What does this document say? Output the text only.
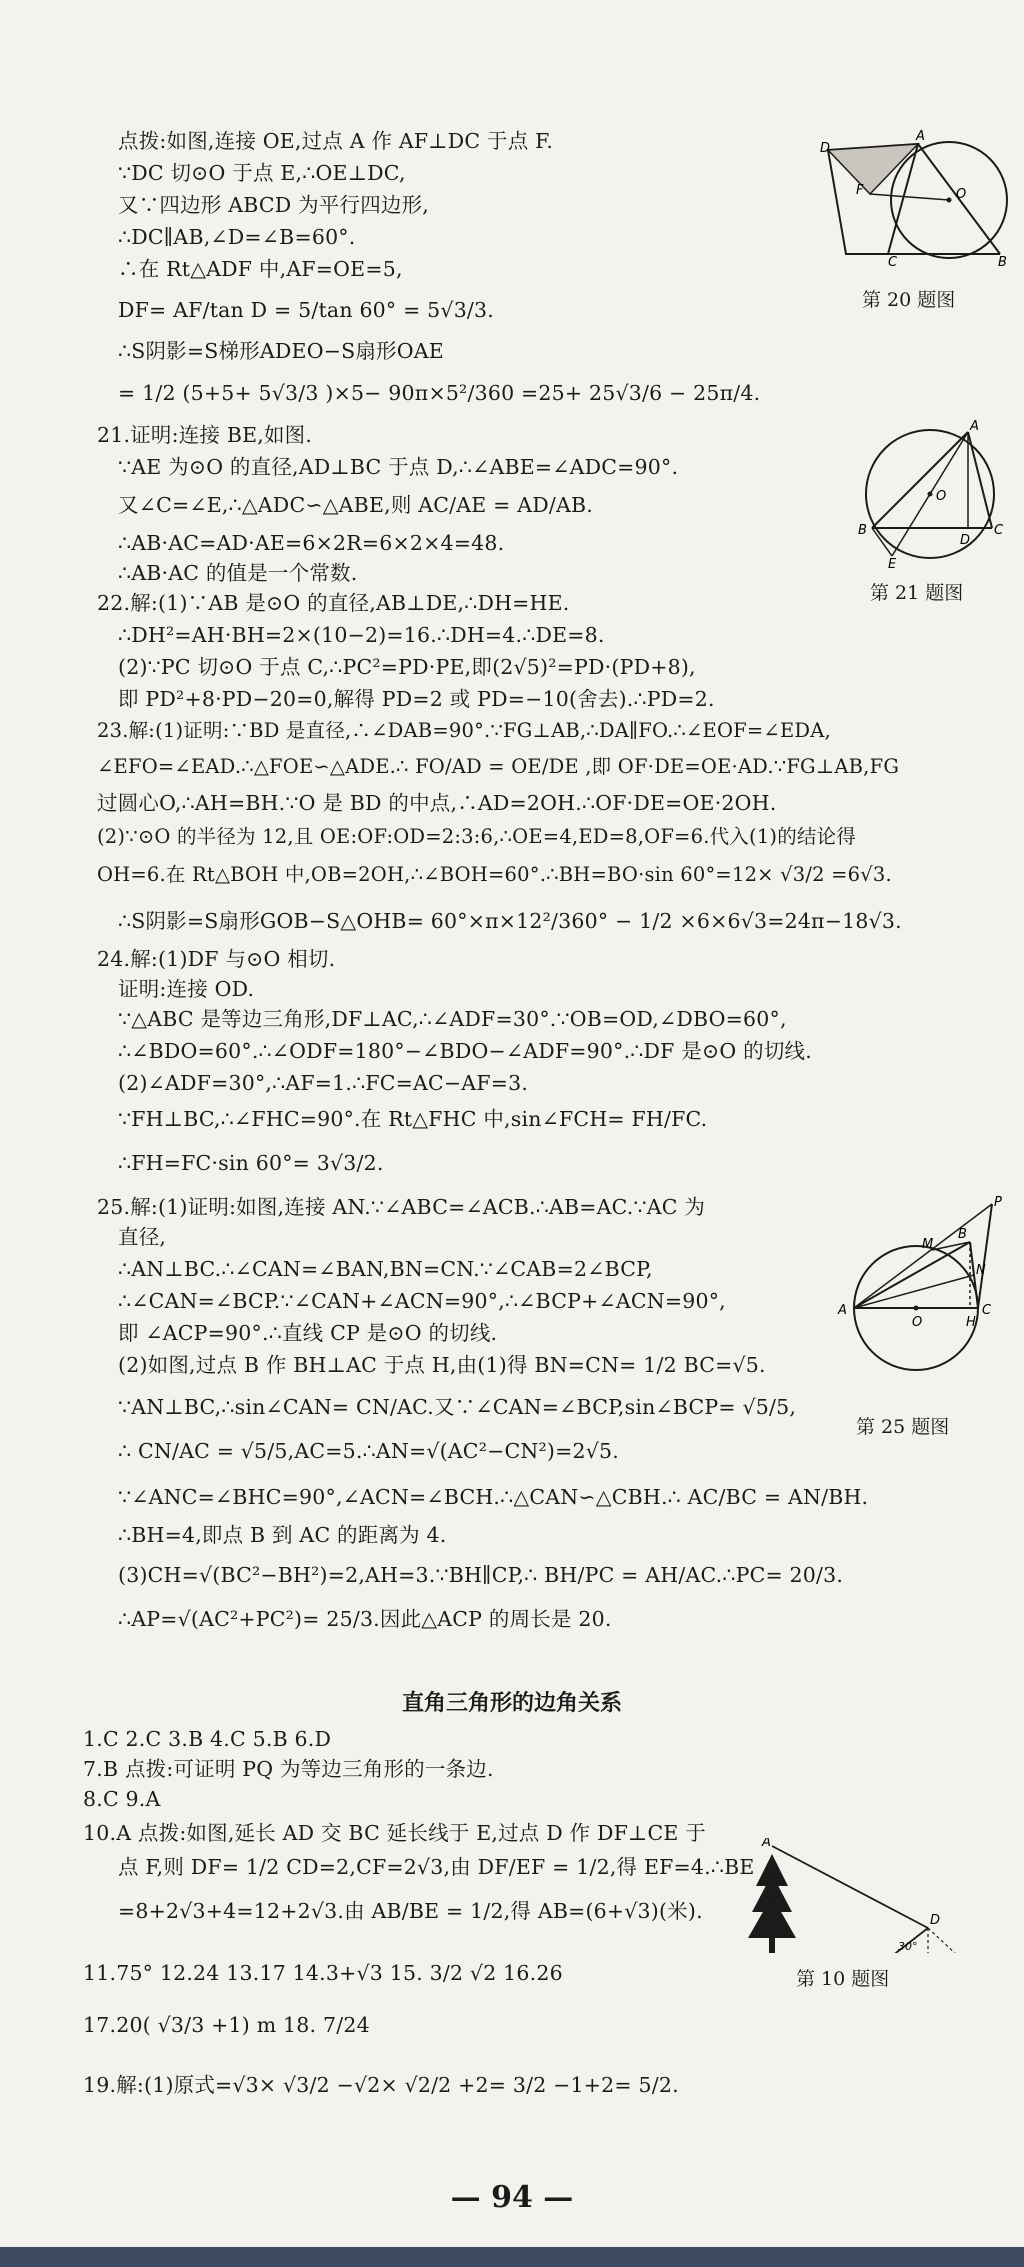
点拨:如图,连接 OE,过点 A 作 AF⊥DC 于点 F.
∵DC 切⊙O 于点 E,∴OE⊥DC,
又∵四边形 ABCD 为平行四边形,
∴DC∥AB,∠D=∠B=60°.
∴在 Rt△ADF 中,AF=OE=5,
DF= AF/tan D = 5/tan 60° = 5√3/3.
∴S阴影=S梯形ADEO−S扇形OAE
= 1/2 (5+5+ 5√3/3 )×5− 90π×5²/360 =25+ 25√3/6 − 25π/4.
21.证明:连接 BE,如图.
∵AE 为⊙O 的直径,AD⊥BC 于点 D,∴∠ABE=∠ADC=90°.
又∠C=∠E,∴△ADC∽△ABE,则 AC/AE = AD/AB.
∴AB·AC=AD·AE=6×2R=6×2×4=48.
∴AB·AC 的值是一个常数.
22.解:(1)∵AB 是⊙O 的直径,AB⊥DE,∴DH=HE.
∴DH²=AH·BH=2×(10−2)=16.∴DH=4.∴DE=8.
(2)∵PC 切⊙O 于点 C,∴PC²=PD·PE,即(2√5)²=PD·(PD+8),
即 PD²+8·PD−20=0,解得 PD=2 或 PD=−10(舍去).∴PD=2.
23.解:(1)证明:∵BD 是直径,∴∠DAB=90°.∵FG⊥AB,∴DA∥FO.∴∠EOF=∠EDA,
∠EFO=∠EAD.∴△FOE∽△ADE.∴ FO/AD = OE/DE ,即 OF·DE=OE·AD.∵FG⊥AB,FG
过圆心O,∴AH=BH.∵O 是 BD 的中点,∴AD=2OH.∴OF·DE=OE·2OH.
(2)∵⊙O 的半径为 12,且 OE:OF:OD=2:3:6,∴OE=4,ED=8,OF=6.代入(1)的结论得
OH=6.在 Rt△BOH 中,OB=2OH,∴∠BOH=60°.∴BH=BO·sin 60°=12× √3/2 =6√3.
∴S阴影=S扇形GOB−S△OHB= 60°×π×12²/360° − 1/2 ×6×6√3=24π−18√3.
24.解:(1)DF 与⊙O 相切.
证明:连接 OD.
∵△ABC 是等边三角形,DF⊥AC,∴∠ADF=30°.∵OB=OD,∠DBO=60°,
∴∠BDO=60°.∴∠ODF=180°−∠BDO−∠ADF=90°.∴DF 是⊙O 的切线.
(2)∠ADF=30°,∴AF=1.∴FC=AC−AF=3.
∵FH⊥BC,∴∠FHC=90°.在 Rt△FHC 中,sin∠FCH= FH/FC.
∴FH=FC·sin 60°= 3√3/2.
25.解:(1)证明:如图,连接 AN.∵∠ABC=∠ACB.∴AB=AC.∵AC 为
直径,
∴AN⊥BC.∴∠CAN=∠BAN,BN=CN.∵∠CAB=2∠BCP,
∴∠CAN=∠BCP.∵∠CAN+∠ACN=90°,∴∠BCP+∠ACN=90°,
即 ∠ACP=90°.∴直线 CP 是⊙O 的切线.
(2)如图,过点 B 作 BH⊥AC 于点 H,由(1)得 BN=CN= 1/2 BC=√5.
∵AN⊥BC,∴sin∠CAN= CN/AC.又∵∠CAN=∠BCP,sin∠BCP= √5/5,
∴ CN/AC = √5/5,AC=5.∴AN=√(AC²−CN²)=2√5.
∵∠ANC=∠BHC=90°,∠ACN=∠BCH.∴△CAN∽△CBH.∴ AC/BC = AN/BH.
∴BH=4,即点 B 到 AC 的距离为 4.
(3)CH=√(BC²−BH²)=2,AH=3.∵BH∥CP,∴ BH/PC = AH/AC.∴PC= 20/3.
∴AP=√(AC²+PC²)= 25/3.因此△ACP 的周长是 20.
直角三角形的边角关系
1.C 2.C 3.B 4.C 5.B 6.D
7.B 点拨:可证明 PQ 为等边三角形的一条边.
8.C 9.A
10.A 点拨:如图,延长 AD 交 BC 延长线于 E,过点 D 作 DF⊥CE 于
点 F,则 DF= 1/2 CD=2,CF=2√3,由 DF/EF = 1/2,得 EF=4.∴BE
=8+2√3+4=12+2√3.由 AB/BE = 1/2,得 AB=(6+√3)(米).
11.75° 12.24 13.17 14.3+√3 15. 3/2 √2 16.26
17.20( √3/3 +1) m 18. 7/24
19.解:(1)原式=√3× √3/2 −√2× √2/2 +2= 3/2 −1+2= 5/2.
D
A
F	O
C	B
第 20 题图
A
O
B
D
C
E
第 21 题图
P
B
M
N
A
O	H
C
第 25 题图
A
D
30°
第 10 题图
— 94 —
